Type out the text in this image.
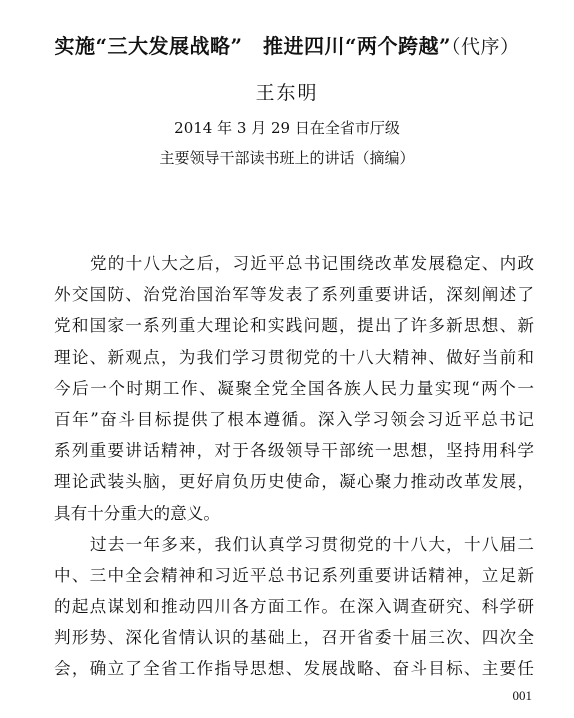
实施“三大发展战略”　推进四川“两个跨越”（代序）
王东明
2014 年 3 月 29 日在全省市厅级
主要领导干部读书班上的讲话（摘编）
党的十八大之后，习近平总书记围绕改革发展稳定、内政
外交国防、治党治国治军等发表了系列重要讲话，深刻阐述了
党和国家一系列重大理论和实践问题，提出了许多新思想、新
理论、新观点，为我们学习贯彻党的十八大精神、做好当前和
今后一个时期工作、凝聚全党全国各族人民力量实现“两个一
百年”奋斗目标提供了根本遵循。深入学习领会习近平总书记
系列重要讲话精神，对于各级领导干部统一思想，坚持用科学
理论武装头脑，更好肩负历史使命，凝心聚力推动改革发展，
具有十分重大的意义。
过去一年多来，我们认真学习贯彻党的十八大，十八届二
中、三中全会精神和习近平总书记系列重要讲话精神，立足新
的起点谋划和推动四川各方面工作。在深入调查研究、科学研
判形势、深化省情认识的基础上，召开省委十届三次、四次全
会，确立了全省工作指导思想、发展战略、奋斗目标、主要任
001
